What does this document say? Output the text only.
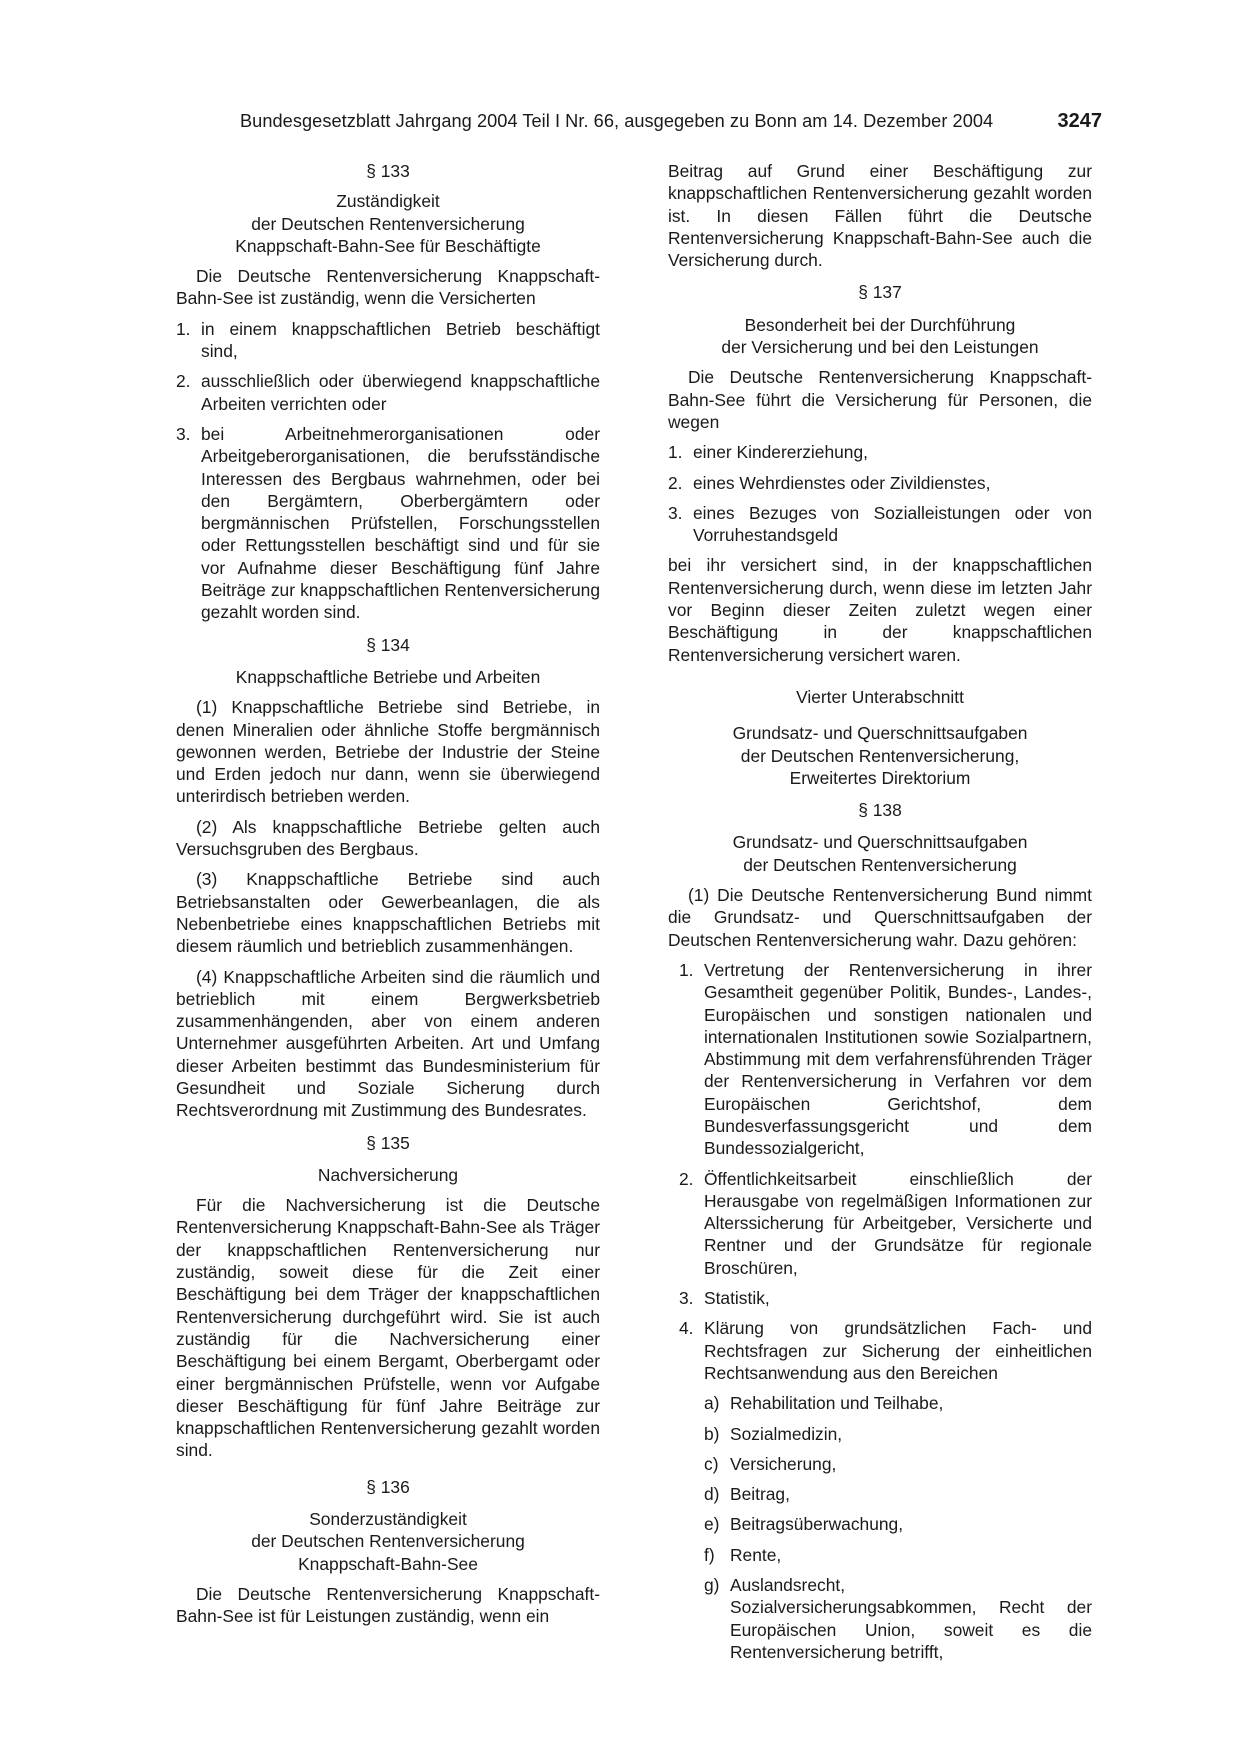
Bundesgesetzblatt Jahrgang 2004 Teil I Nr. 66, ausgegeben zu Bonn am 14. Dezember 2004	3247

§ 133

Zuständigkeit
der Deutschen Rentenversicherung
Knappschaft-Bahn-See für Beschäftigte

Die Deutsche Rentenversicherung Knappschaft-Bahn-See ist zuständig, wenn die Versicherten

1. in einem knappschaftlichen Betrieb beschäftigt sind,
2. ausschließlich oder überwiegend knappschaftliche Arbeiten verrichten oder
3. bei Arbeitnehmerorganisationen oder Arbeitgeberorganisationen, die berufsständische Interessen des Bergbaus wahrnehmen, oder bei den Bergämtern, Oberbergämtern oder bergmännischen Prüfstellen, Forschungsstellen oder Rettungsstellen beschäftigt sind und für sie vor Aufnahme dieser Beschäftigung fünf Jahre Beiträge zur knappschaftlichen Rentenversicherung gezahlt worden sind.

§ 134

Knappschaftliche Betriebe und Arbeiten

(1) Knappschaftliche Betriebe sind Betriebe, in denen Mineralien oder ähnliche Stoffe bergmännisch gewonnen werden, Betriebe der Industrie der Steine und Erden jedoch nur dann, wenn sie überwiegend unterirdisch betrieben werden.

(2) Als knappschaftliche Betriebe gelten auch Versuchsgruben des Bergbaus.

(3) Knappschaftliche Betriebe sind auch Betriebsanstalten oder Gewerbeanlagen, die als Nebenbetriebe eines knappschaftlichen Betriebs mit diesem räumlich und betrieblich zusammenhängen.

(4) Knappschaftliche Arbeiten sind die räumlich und betrieblich mit einem Bergwerksbetrieb zusammenhängenden, aber von einem anderen Unternehmer ausgeführten Arbeiten. Art und Umfang dieser Arbeiten bestimmt das Bundesministerium für Gesundheit und Soziale Sicherung durch Rechtsverordnung mit Zustimmung des Bundesrates.

§ 135

Nachversicherung

Für die Nachversicherung ist die Deutsche Rentenversicherung Knappschaft-Bahn-See als Träger der knappschaftlichen Rentenversicherung nur zuständig, soweit diese für die Zeit einer Beschäftigung bei dem Träger der knappschaftlichen Rentenversicherung durchgeführt wird. Sie ist auch zuständig für die Nachversicherung einer Beschäftigung bei einem Bergamt, Oberbergamt oder einer bergmännischen Prüfstelle, wenn vor Aufgabe dieser Beschäftigung für fünf Jahre Beiträge zur knappschaftlichen Rentenversicherung gezahlt worden sind.

§ 136

Sonderzuständigkeit
der Deutschen Rentenversicherung
Knappschaft-Bahn-See

Die Deutsche Rentenversicherung Knappschaft-Bahn-See ist für Leistungen zuständig, wenn ein

Beitrag auf Grund einer Beschäftigung zur knappschaftlichen Rentenversicherung gezahlt worden ist. In diesen Fällen führt die Deutsche Rentenversicherung Knappschaft-Bahn-See auch die Versicherung durch.

§ 137

Besonderheit bei der Durchführung
der Versicherung und bei den Leistungen

Die Deutsche Rentenversicherung Knappschaft-Bahn-See führt die Versicherung für Personen, die wegen

1. einer Kindererziehung,
2. eines Wehrdienstes oder Zivildienstes,
3. eines Bezuges von Sozialleistungen oder von Vorruhestandsgeld

bei ihr versichert sind, in der knappschaftlichen Rentenversicherung durch, wenn diese im letzten Jahr vor Beginn dieser Zeiten zuletzt wegen einer Beschäftigung in der knappschaftlichen Rentenversicherung versichert waren.

Vierter Unterabschnitt

Grundsatz- und Querschnittsaufgaben
der Deutschen Rentenversicherung,
Erweitertes Direktorium

§ 138

Grundsatz- und Querschnittsaufgaben
der Deutschen Rentenversicherung

(1) Die Deutsche Rentenversicherung Bund nimmt die Grundsatz- und Querschnittsaufgaben der Deutschen Rentenversicherung wahr. Dazu gehören:

1. Vertretung der Rentenversicherung in ihrer Gesamtheit gegenüber Politik, Bundes-, Landes-, Europäischen und sonstigen nationalen und internationalen Institutionen sowie Sozialpartnern, Abstimmung mit dem verfahrensführenden Träger der Rentenversicherung in Verfahren vor dem Europäischen Gerichtshof, dem Bundesverfassungsgericht und dem Bundessozialgericht,
2. Öffentlichkeitsarbeit einschließlich der Herausgabe von regelmäßigen Informationen zur Alterssicherung für Arbeitgeber, Versicherte und Rentner und der Grundsätze für regionale Broschüren,
3. Statistik,
4. Klärung von grundsätzlichen Fach- und Rechtsfragen zur Sicherung der einheitlichen Rechtsanwendung aus den Bereichen
a) Rehabilitation und Teilhabe,
b) Sozialmedizin,
c) Versicherung,
d) Beitrag,
e) Beitragsüberwachung,
f) Rente,
g) Auslandsrecht, Sozialversicherungsabkommen, Recht der Europäischen Union, soweit es die Rentenversicherung betrifft,
